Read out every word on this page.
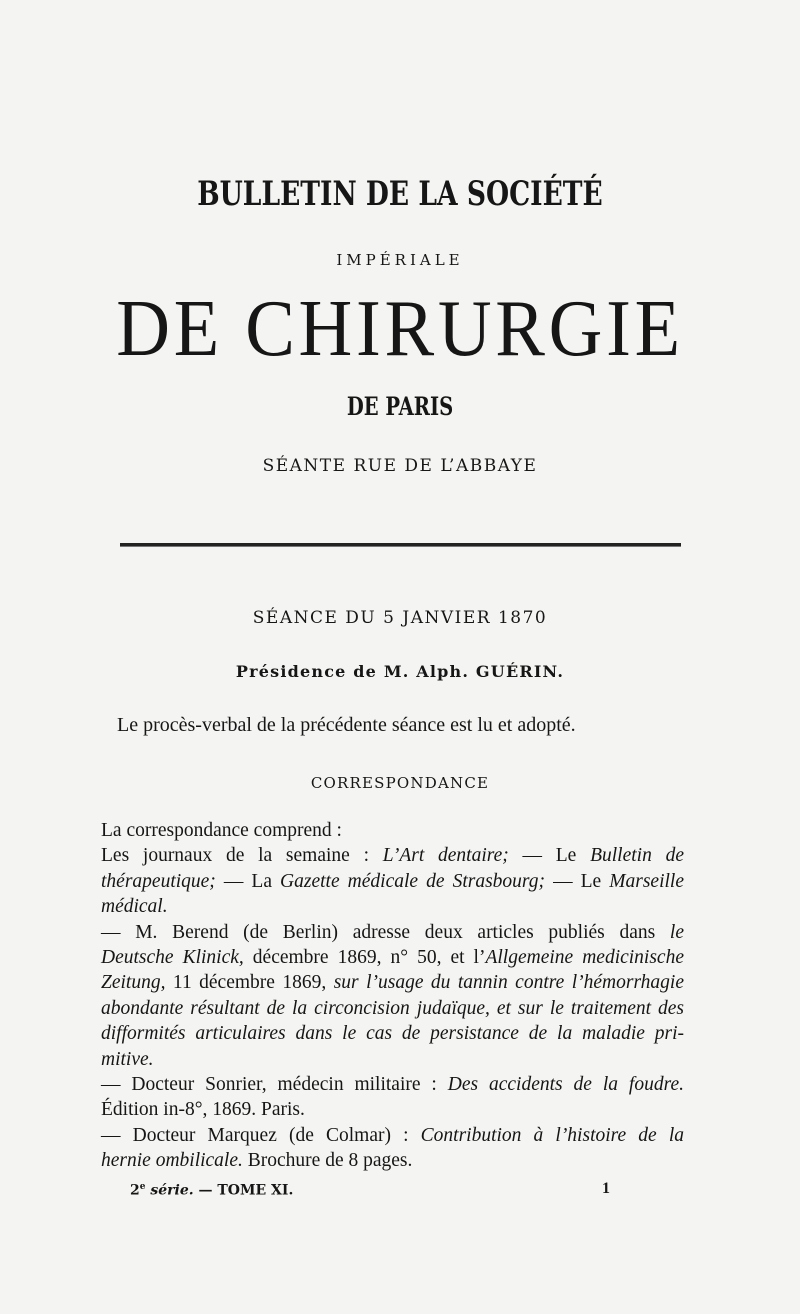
BULLETIN DE LA SOCIÉTÉ
IMPÉRIALE
DE CHIRURGIE
DE PARIS
SÉANTE RUE DE L’ABBAYE
SÉANCE DU 5 JANVIER 1870
Présidence de M. Alph. GUÉRIN.
Le procès-verbal de la précédente séance est lu et adopté.
CORRESPONDANCE
La correspondance comprend :
Les journaux de la semaine : L’Art dentaire; — Le Bulletin de
thérapeutique; — La Gazette médicale de Strasbourg; — Le Marseille
médical.
— M. Berend (de Berlin) adresse deux articles publiés dans le
Deutsche Klinick, décembre 1869, n° 50, et l’Allgemeine medicinische
Zeitung, 11 décembre 1869, sur l’usage du tannin contre l’hémorrhagie
abondante résultant de la circoncision judaïque, et sur le traitement des
difformités articulaires dans le cas de persistance de la maladie pri-
mitive.
— Docteur Sonrier, médecin militaire : Des accidents de la foudre.
Édition in-8°, 1869. Paris.
— Docteur Marquez (de Colmar) : Contribution à l’histoire de la
hernie ombilicale. Brochure de 8 pages.
2e série. — TOME XI.	1
